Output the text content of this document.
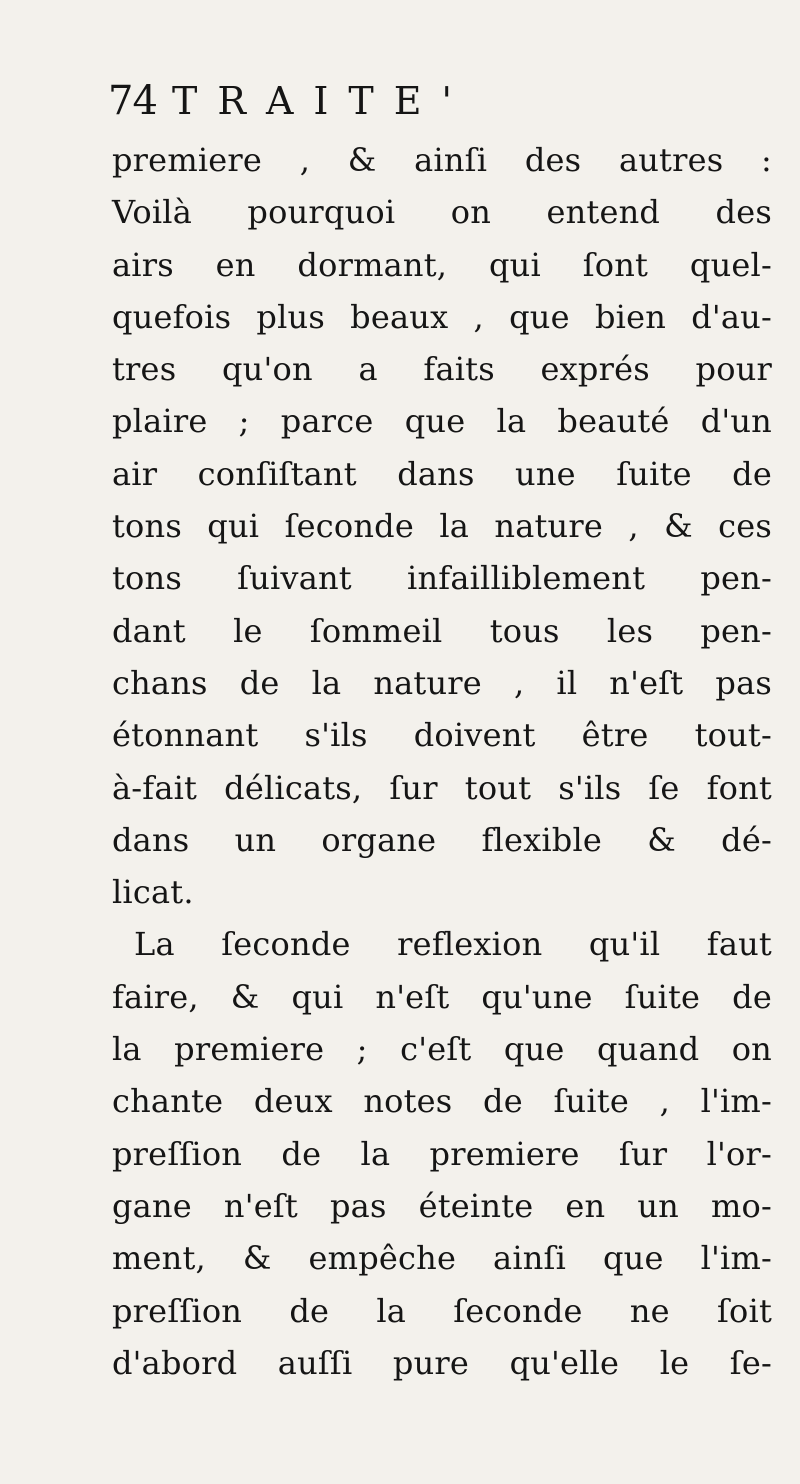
74 TRAITE'
premiere , & ainſi des autres :
Voilà pourquoi on entend des
airs en dormant, qui ſont quel-
quefois plus beaux , que bien d'au-
tres qu'on a faits exprés pour
plaire ; parce que la beauté d'un
air conſiſtant dans une ſuite de
tons qui ſeconde la nature , & ces
tons ſuivant infailliblement pen-
dant le ſommeil tous les pen-
chans de la nature , il n'eſt pas
étonnant s'ils doivent être tout-
à-fait délicats, ſur tout s'ils ſe font
dans un organe flexible & dé-
licat.
La ſeconde reflexion qu'il faut
faire, & qui n'eſt qu'une ſuite de
la premiere ; c'eſt que quand on
chante deux notes de ſuite , l'im-
preſſion de la premiere ſur l'or-
gane n'eſt pas éteinte en un mo-
ment, & empêche ainſi que l'im-
preſſion de la ſeconde ne ſoit
d'abord auſſi pure qu'elle le ſe-
